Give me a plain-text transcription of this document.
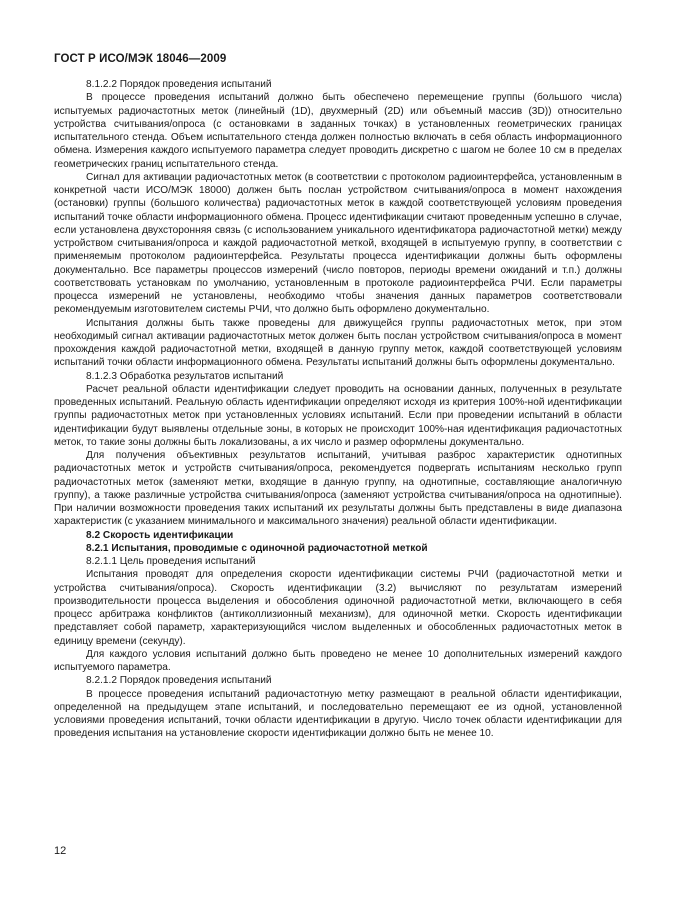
ГОСТ Р ИСО/МЭК 18046—2009

8.1.2.2 Порядок проведения испытаний

В процессе проведения испытаний должно быть обеспечено перемещение группы (большого числа) испытуемых радиочастотных меток (линейный (1D), двухмерный (2D) или объемный массив (3D)) относительно устройства считывания/опроса (с остановками в заданных точках) в установленных геометрических границах испытательного стенда. Объем испытательного стенда должен полностью включать в себя область информационного обмена. Измерения каждого испытуемого параметра следует проводить дискретно с шагом не более 10 см в пределах геометрических границ испытательного стенда.

Сигнал для активации радиочастотных меток (в соответствии с протоколом радиоинтерфейса, установленным в конкретной части ИСО/МЭК 18000) должен быть послан устройством считывания/опроса в момент нахождения (остановки) группы (большого количества) радиочастотных меток в каждой соответствующей условиям проведения испытаний точке области информационного обмена. Процесс идентификации считают проведенным успешно в случае, если установлена двухсторонняя связь (с использованием уникального идентификатора радиочастотной метки) между устройством считывания/опроса и каждой радиочастотной меткой, входящей в испытуемую группу, в соответствии с применяемым протоколом радиоинтерфейса. Результаты процесса идентификации должны быть оформлены документально. Все параметры процессов измерений (число повторов, периоды времени ожиданий и т.п.) должны соответствовать установкам по умолчанию, установленным в протоколе радиоинтерфейса РЧИ. Если параметры процесса измерений не установлены, необходимо чтобы значения данных параметров соответствовали рекомендуемым изготовителем системы РЧИ, что должно быть оформлено документально.

Испытания должны быть также проведены для движущейся группы радиочастотных меток, при этом необходимый сигнал активации радиочастотных меток должен быть послан устройством считывания/опроса в момент прохождения каждой радиочастотной метки, входящей в данную группу меток, каждой соответствующей условиям испытаний точки области информационного обмена. Результаты испытаний должны быть оформлены документально.

8.1.2.3 Обработка результатов испытаний

Расчет реальной области идентификации следует проводить на основании данных, полученных в результате проведенных испытаний. Реальную область идентификации определяют исходя из критерия 100%-ной идентификации группы радиочастотных меток при установленных условиях испытаний. Если при проведении испытаний в области идентификации будут выявлены отдельные зоны, в которых не происходит 100%-ная идентификация радиочастотных меток, то такие зоны должны быть локализованы, а их число и размер оформлены документально.

Для получения объективных результатов испытаний, учитывая разброс характеристик однотипных радиочастотных меток и устройств считывания/опроса, рекомендуется подвергать испытаниям несколько групп радиочастотных меток (заменяют метки, входящие в данную группу, на однотипные, составляющие аналогичную группу), а также различные устройства считывания/опроса (заменяют устройства считывания/опроса на однотипные). При наличии возможности проведения таких испытаний их результаты должны быть представлены в виде диапазона характеристик (с указанием минимального и максимального значения) реальной области идентификации.

8.2 Скорость идентификации

8.2.1 Испытания, проводимые с одиночной радиочастотной меткой

8.2.1.1 Цель проведения испытаний

Испытания проводят для определения скорости идентификации системы РЧИ (радиочастотной метки и устройства считывания/опроса). Скорость идентификации (3.2) вычисляют по результатам измерений производительности процесса выделения и обособления одиночной радиочастотной метки, включающего в себя процесс арбитража конфликтов (антиколлизионный механизм), для одиночной метки. Скорость идентификации представляет собой параметр, характеризующийся числом выделенных и обособленных радиочастотных меток в единицу времени (секунду).

Для каждого условия испытаний должно быть проведено не менее 10 дополнительных измерений каждого испытуемого параметра.

8.2.1.2 Порядок проведения испытаний

В процессе проведения испытаний радиочастотную метку размещают в реальной области идентификации, определенной на предыдущем этапе испытаний, и последовательно перемещают ее из одной, установленной условиями проведения испытаний, точки области идентификации в другую. Число точек области идентификации для проведения испытания на установление скорости идентификации должно быть не менее 10.

12
